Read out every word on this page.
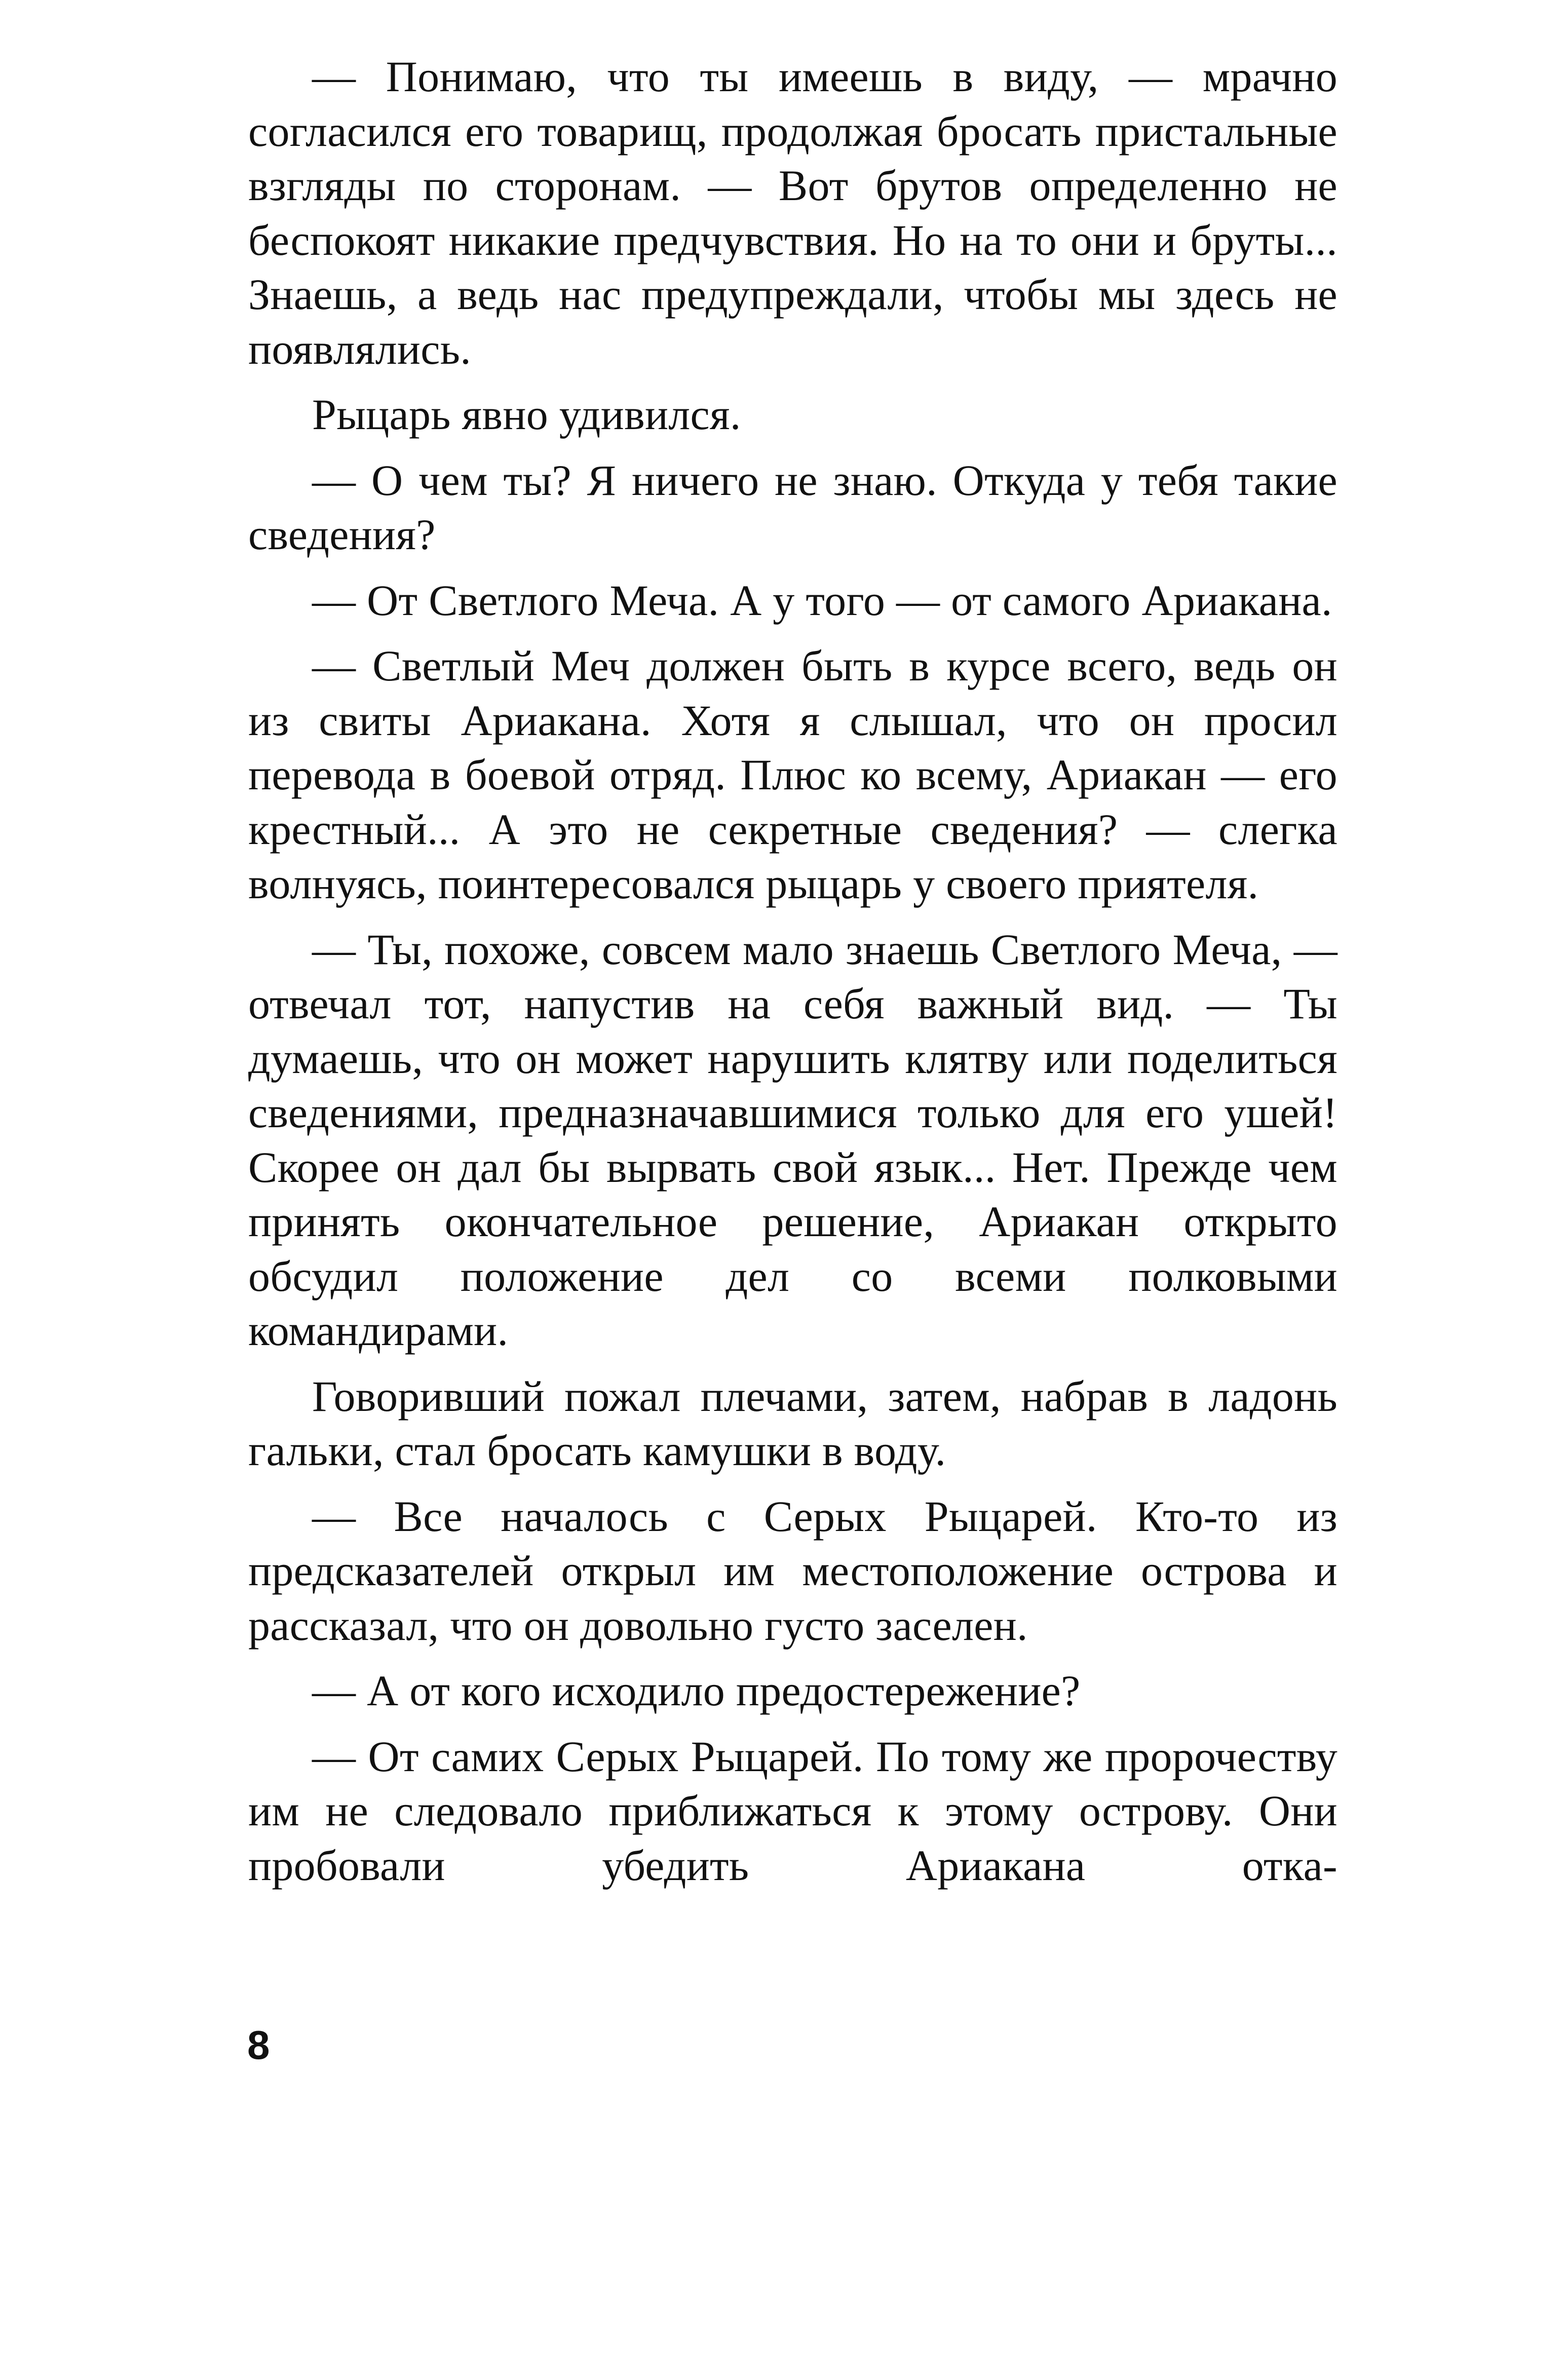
— Понимаю, что ты имеешь в виду, — мрачно согласился его товарищ, продолжая бросать пристальные взгляды по сторонам. — Вот брутов определенно не беспокоят никакие предчувствия. Но на то они и бруты... Знаешь, а ведь нас предупреждали, чтобы мы здесь не появлялись.

Рыцарь явно удивился.

— О чем ты? Я ничего не знаю. Откуда у тебя такие сведения?

— От Светлого Меча. А у того — от самого Ариакана.

— Светлый Меч должен быть в курсе всего, ведь он из свиты Ариакана. Хотя я слышал, что он просил перевода в боевой отряд. Плюс ко всему, Ариакан — его крестный... А это не секретные сведения? — слегка волнуясь, поинтересовался рыцарь у своего приятеля.

— Ты, похоже, совсем мало знаешь Светлого Меча, — отвечал тот, напустив на себя важный вид. — Ты думаешь, что он может нарушить клятву или поделиться сведениями, предназначавшимися только для его ушей! Скорее он дал бы вырвать свой язык... Нет. Прежде чем принять окончательное решение, Ариакан открыто обсудил положение дел со всеми полковыми командирами.

Говоривший пожал плечами, затем, набрав в ладонь гальки, стал бросать камушки в воду.

— Все началось с Серых Рыцарей. Кто-то из предсказателей открыл им местоположение острова и рассказал, что он довольно густо заселен.

— А от кого исходило предостережение?

— От самих Серых Рыцарей. По тому же пророчеству им не следовало приближаться к этому острову. Они пробовали убедить Ариакана отка-

8
